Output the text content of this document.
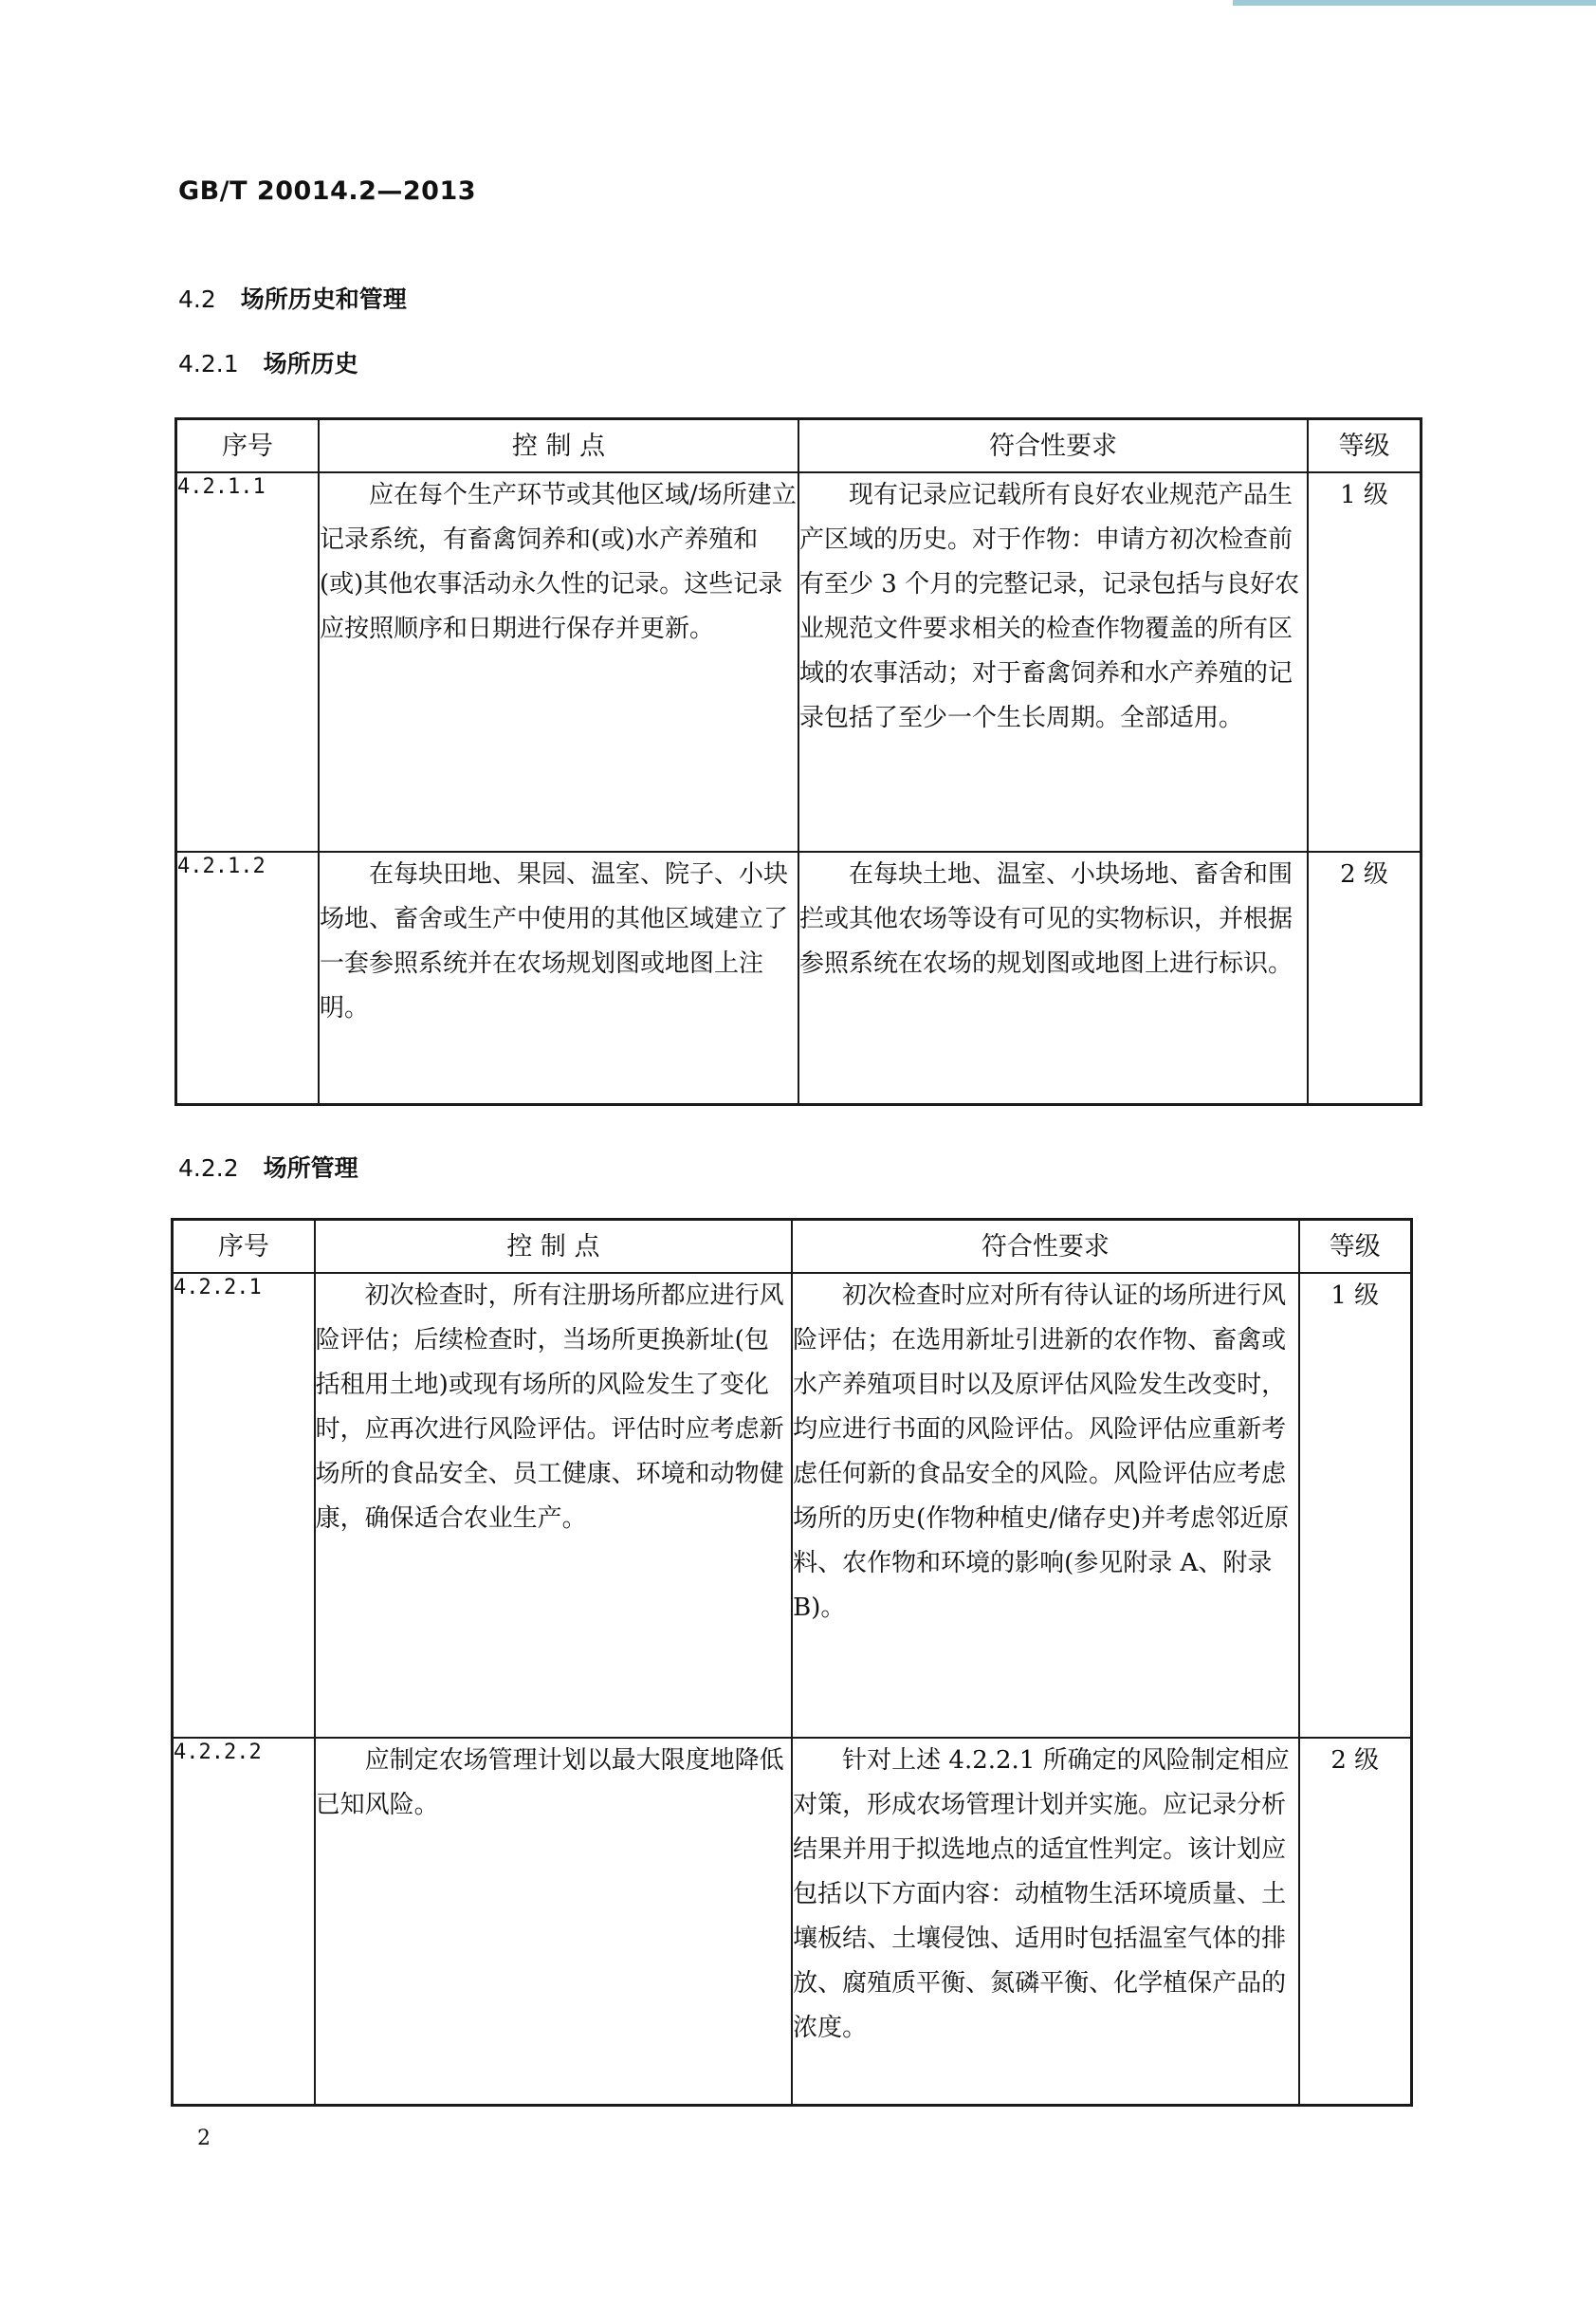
GB/T 20014.2—2013
4.2 场所历史和管理
4.2.1 场所历史
序号	控 制 点	符合性要求	等级
4.2.1.1	应在每个生产环节或其他区域/场所建立记录系统，有畜禽饲养和(或)水产养殖和(或)其他农事活动永久性的记录。这些记录应按照顺序和日期进行保存并更新。	现有记录应记载所有良好农业规范产品生产区域的历史。对于作物：申请方初次检查前有至少 3 个月的完整记录，记录包括与良好农业规范文件要求相关的检查作物覆盖的所有区域的农事活动；对于畜禽饲养和水产养殖的记录包括了至少一个生长周期。全部适用。	1 级
4.2.1.2	在每块田地、果园、温室、院子、小块场地、畜舍或生产中使用的其他区域建立了一套参照系统并在农场规划图或地图上注明。	在每块土地、温室、小块场地、畜舍和围拦或其他农场等设有可见的实物标识，并根据参照系统在农场的规划图或地图上进行标识。	2 级
4.2.2 场所管理
序号	控 制 点	符合性要求	等级
4.2.2.1	初次检查时，所有注册场所都应进行风险评估；后续检查时，当场所更换新址(包括租用土地)或现有场所的风险发生了变化时，应再次进行风险评估。评估时应考虑新场所的食品安全、员工健康、环境和动物健康，确保适合农业生产。	初次检查时应对所有待认证的场所进行风险评估；在选用新址引进新的农作物、畜禽或水产养殖项目时以及原评估风险发生改变时，均应进行书面的风险评估。风险评估应重新考虑任何新的食品安全的风险。风险评估应考虑场所的历史(作物种植史/储存史)并考虑邻近原料、农作物和环境的影响(参见附录 A、附录 B)。	1 级
4.2.2.2	应制定农场管理计划以最大限度地降低已知风险。	针对上述 4.2.2.1 所确定的风险制定相应对策，形成农场管理计划并实施。应记录分析结果并用于拟选地点的适宜性判定。该计划应包括以下方面内容：动植物生活环境质量、土壤板结、土壤侵蚀、适用时包括温室气体的排放、腐殖质平衡、氮磷平衡、化学植保产品的浓度。	2 级
2
